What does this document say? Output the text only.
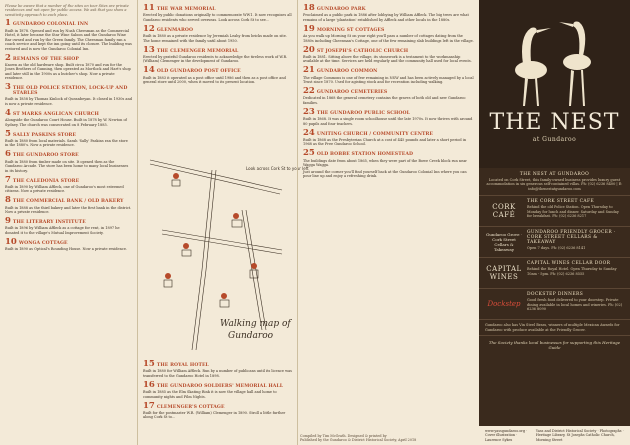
Please be aware that a number of the sites on tour Sites are private residences and not open for public access. We ask that you show a sensitivity approach to each place.

1 GUNDAROO COLONIAL INN
Built in 1878. Opened and run by Noah Cheesman as the Commercial Hotel, it later became the Star Wine Saloon and the Gundaroo Wine Bar owned and run by the Green family. The Cheesman family ran a coach service and kept the inn going until its closure. The building was restored and is now the Gundaroo Colonial Inn.
2 REMAINS OF THE SHOP
Known as the old hardware shop. Built circa 1870 and run for the Jones Brothers of Gunning, then operated as Mortlock and Hart's shop and later still in the 1900s as a butcher's shop. Now a private residence.
3 THE OLD POLICE STATION, LOCK-UP AND STABLES
Built in 1858 by Thomas Kinlock of Queanbeyan. It closed in 1930s and is now a private residence.
4 ST MARKS ANGLICAN CHURCH
Alongside the Gundaroo Court House. Built in 1878 by W. Newton of Sydney. The church was consecrated on 8 February 1885.
5 SALLY PASKINS STORE
Built in 1880 from local materials. Sarah 'Sally' Paskins ran the store in the 1880's. Now a private residence.
6 THE GUNDAROO STORE
Built in 1880 from timber made on site. It opened then as the Gundaroo Arcade. The store has been home to many local businesses in its history.
7 THE CALEDONIA STORE
Built in 1890 by William Affleck, one of Gundaroo's most esteemed citizens. Now a private residence.
8 THE COMMERCIAL BANK / OLD BAKERY
Built in 1888 as the third bakery and later the first bank in the district. Now a private residence.
9 THE LITERARY INSTITUTE
Built in 1896 by William Affleck as a cottage for rent, in 1897 he donated it to the village's Mutual Improvement Society.
10 WONGA COTTAGE
Built in 1890 as Optical's Rounding House. Now a private residence.
11 THE WAR MEMORIAL
Erected by public donations originally to commemorate WW1. It now recognises all Gundaroo residents who served overseas. Look across Cork St to see...
12 GLENMAROO
Built in 1880 as a private residence by Jeremiah Leahy from bricks made on site. The home remained with the family until about 1950.
13 THE CLEMENGER MEMORIAL
Erected by grateful Gundaroo residents to acknowledge the tireless work of W.R. (William) Clemenger in the development of Gundaroo.
14 OLD GUNDAROO POST OFFICE
Built in 1883 it operated as a post office until 1986 and then as a post office and general store until 2000, when it moved to its present location.
Look across Cork St to your left
Walking map of
Gundaroo
15 THE ROYAL HOTEL
Built in 1880 for William Affleck. Run by a number of publicans until its licence was transferred to the Gundaroo Hotel in 1898.
16 THE GUNDAROO SOLDIERS' MEMORIAL HALL
Built in 1885 as the Elm Skating Rink it is now the village hall and home to community nights and Film Nights.
17 CLEMENGER'S COTTAGE
Built for the postmaster W.R. (William) Clemenger in 1890. Stroll a little further along Cork St to...
18 GUNDAROO PARK
Proclaimed as a public park in 1886 after lobbying by William Affleck. The big trees are what remains of a large 'plantation' established by Affleck and other locals in the 1880s.
19 MORNING ST COTTAGES
As you walk up Morning St on your right you'll pass a number of cottages dating from the 1880s including Cheesman's Cottage, one of the few remaining slab buildings left in the village.
20 ST JOSEPH'S CATHOLIC CHURCH
Built in 1881. Sitting above the village, its stonework is a testament to the workmanship available at the time. Services are held regularly and the community hall used for local events.
21 GUNDAROO COMMON
The village Commons is one of few remaining in NSW and has been actively managed by a local Trust since 1870. Used for agisting stock and for recreation including walking.
22 GUNDAROO CEMETERIES
Dedicated in 1868 the general cemetery contains the graves of both old and new Gundaroo families.
23 THE GUNDAROO PUBLIC SCHOOL
Built in 1868. It was a single room schoolhouse until the late 1970s. It now thrives with around 80 pupils and four teachers.
24 UNITING CHURCH / COMMUNITY CENTRE
Built in 1868 as the Presbyterian Church at a cost of 445 pounds and later a short period in 1968 as the Free Gundaroo School.
25 OLD BOBBE STATION HOMESTEAD
The buildings date from about 1865, when they were part of the Bowe Creek block run near Wagga Wagga.

Just around the corner you'll find yourself back at the Gundaroo Colonial Inn where you can pour line up and enjoy a refreshing drink.

Compiled by Tim McGrath. Designed & printed by
Published by the Gundaroo & District Historical Society, April 2018
THE NEST
at Gundaroo
THE NEST AT GUNDAROO

Located on Cork Street, this family-owned business provides luxury guest accommodation in six generous self-contained villas. Ph: (02) 6236 8400 | E: info@thenestatgundaroo.com

CORK CAFÉ
THE CORK STREET CAFE

Behind the old Police Station. Open Thursday to Monday for lunch and dinner. Saturday and Sunday for breakfast. Ph: (02) 6236 8217

Gundaroo Grove · Cork Street Cellars & Takeaway
GUNDAROO FRIENDLY GROCER · CORK STREET CELLARS & TAKEAWAY

Open 7 days. Ph: (02) 6236 8141

CAPITAL WINES
CAPITAL WINES CELLAR DOOR

Behind the Royal Hotel. Open Thursday to Sunday 10am - 5pm. Ph: (02) 6236 8555

Dockstep
DOCKSTEP DINNERS

Good fresh food delivered to your doorstep. Private dining available in local homes and wineries. Ph: (02) 6236 8090

Gundaroo also has Vin Steel Brass, winners of multiple Mexican Awards for Gundaroo with produce available at the Friendly Grocer.

The Society thanks local businesses for supporting this Heritage Guide

www.yassgundaroo.org · Cover illustration · Laurence Sykes

Yass and District Historical Society · Photographs · Heritage Library, St Josephs Catholic Church, Morning Street
